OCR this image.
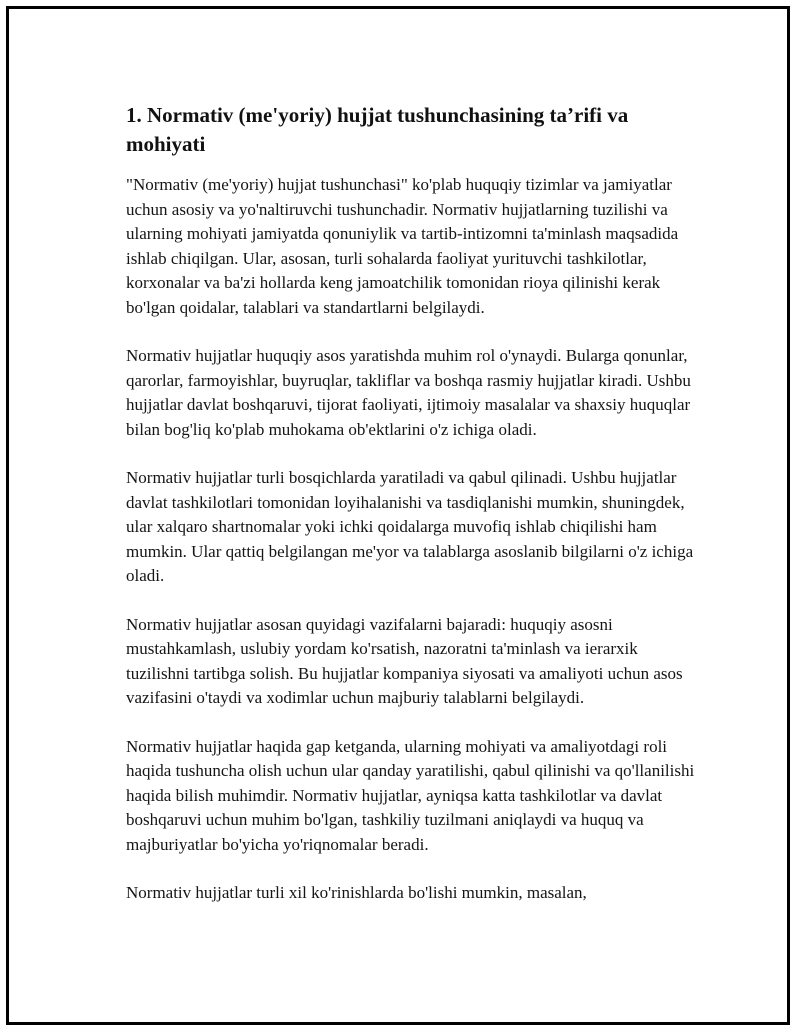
1. Normativ (me'yoriy) hujjat tushunchasining ta’rifi va mohiyati

"Normativ (me'yoriy) hujjat tushunchasi" ko'plab huquqiy tizimlar va jamiyatlar uchun asosiy va yo'naltiruvchi tushunchadir. Normativ hujjatlarning tuzilishi va ularning mohiyati jamiyatda qonuniylik va tartib-intizomni ta'minlash maqsadida ishlab chiqilgan. Ular, asosan, turli sohalarda faoliyat yurituvchi tashkilotlar, korxonalar va ba'zi hollarda keng jamoatchilik tomonidan rioya qilinishi kerak bo'lgan qoidalar, talablari va standartlarni belgilaydi.

Normativ hujjatlar huquqiy asos yaratishda muhim rol o'ynaydi. Bularga qonunlar, qarorlar, farmoyishlar, buyruqlar, takliflar va boshqa rasmiy hujjatlar kiradi. Ushbu hujjatlar davlat boshqaruvi, tijorat faoliyati, ijtimoiy masalalar va shaxsiy huquqlar bilan bog'liq ko'plab muhokama ob'ektlarini o'z ichiga oladi.

Normativ hujjatlar turli bosqichlarda yaratiladi va qabul qilinadi. Ushbu hujjatlar davlat tashkilotlari tomonidan loyihalanishi va tasdiqlanishi mumkin, shuningdek, ular xalqaro shartnomalar yoki ichki qoidalarga muvofiq ishlab chiqilishi ham mumkin. Ular qattiq belgilangan me'yor va talablarga asoslanib bilgilarni o'z ichiga oladi.

Normativ hujjatlar asosan quyidagi vazifalarni bajaradi: huquqiy asosni mustahkamlash, uslubiy yordam ko'rsatish, nazoratni ta'minlash va ierarxik tuzilishni tartibga solish. Bu hujjatlar kompaniya siyosati va amaliyoti uchun asos vazifasini o'taydi va xodimlar uchun majburiy talablarni belgilaydi.

Normativ hujjatlar haqida gap ketganda, ularning mohiyati va amaliyotdagi roli haqida tushuncha olish uchun ular qanday yaratilishi, qabul qilinishi va qo'llanilishi haqida bilish muhimdir. Normativ hujjatlar, ayniqsa katta tashkilotlar va davlat boshqaruvi uchun muhim bo'lgan, tashkiliy tuzilmani aniqlaydi va huquq va majburiyatlar bo'yicha yo'riqnomalar beradi.

Normativ hujjatlar turli xil ko'rinishlarda bo'lishi mumkin, masalan,
